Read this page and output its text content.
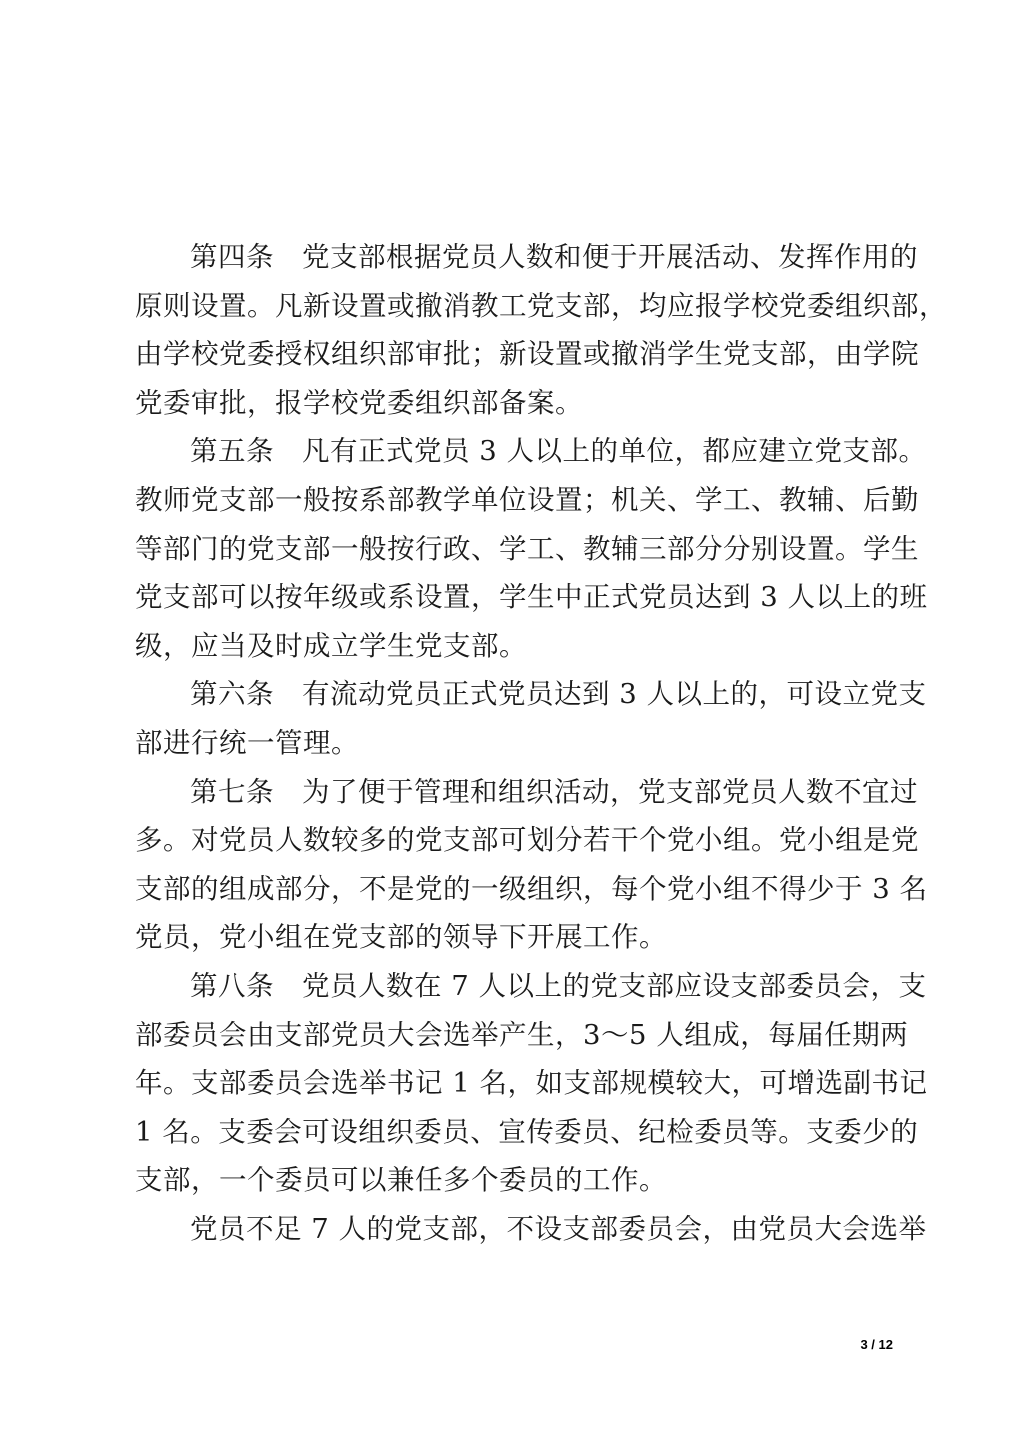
第四条　党支部根据党员人数和便于开展活动、发挥作用的
原则设置。凡新设置或撤消教工党支部，均应报学校党委组织部，
由学校党委授权组织部审批；新设置或撤消学生党支部，由学院
党委审批，报学校党委组织部备案。
第五条　凡有正式党员 3 人以上的单位，都应建立党支部。
教师党支部一般按系部教学单位设置；机关、学工、教辅、后勤
等部门的党支部一般按行政、学工、教辅三部分分别设置。学生
党支部可以按年级或系设置，学生中正式党员达到 3 人以上的班
级，应当及时成立学生党支部。
第六条　有流动党员正式党员达到 3 人以上的，可设立党支
部进行统一管理。
第七条　为了便于管理和组织活动，党支部党员人数不宜过
多。对党员人数较多的党支部可划分若干个党小组。党小组是党
支部的组成部分，不是党的一级组织，每个党小组不得少于 3 名
党员，党小组在党支部的领导下开展工作。
第八条　党员人数在 7 人以上的党支部应设支部委员会，支
部委员会由支部党员大会选举产生，3～5 人组成，每届任期两
年。支部委员会选举书记 1 名，如支部规模较大，可增选副书记
1 名。支委会可设组织委员、宣传委员、纪检委员等。支委少的
支部，一个委员可以兼任多个委员的工作。
党员不足 7 人的党支部，不设支部委员会，由党员大会选举
3 / 12
